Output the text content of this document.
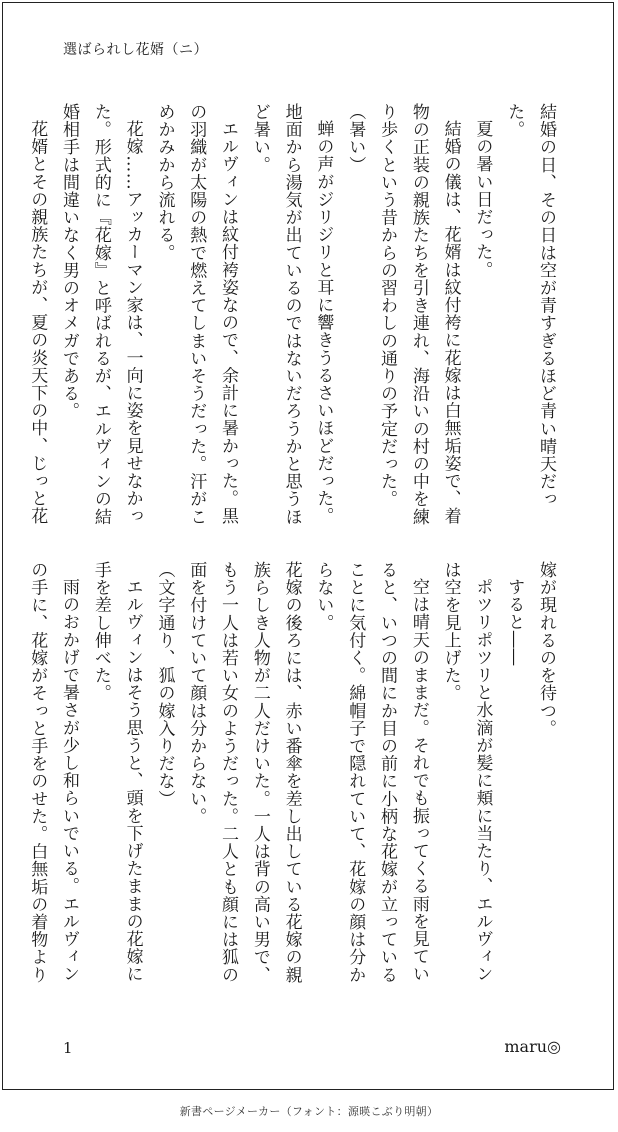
選ばられし花婿（ニ）

結婚の日、その日は空が青すぎるほど青い晴天だった。

夏の暑い日だった。

結婚の儀は、花婿は紋付袴に花嫁は白無垢姿で、着物の正装の親族たちを引き連れ、海沿いの村の中を練り歩くという昔からの習わしの通りの予定だった。

（暑い）

蝉の声がジリジリと耳に響きうるさいほどだった。地面から湯気が出ているのではないだろうかと思うほど暑い。

エルヴィンは紋付袴姿なので、余計に暑かった。黒の羽織が太陽の熱で燃えてしまいそうだった。汗がこめかみから流れる。

花嫁……アッカーマン家は、一向に姿を見せなかった。形式的に『花嫁』と呼ばれるが、エルヴィンの結婚相手は間違いなく男のオメガである。

花婿とその親族たちが、夏の炎天下の中、じっと花

嫁が現れるのを待つ。

すると――

ポツリポツリと水滴が髪に頬に当たり、エルヴィンは空を見上げた。

空は晴天のままだ。それでも振ってくる雨を見ていると、いつの間にか目の前に小柄な花嫁が立っていることに気付く。綿帽子で隠れていて、花嫁の顔は分からない。

花嫁の後ろには、赤い番傘を差し出している花嫁の親族らしき人物が二人だけいた。一人は背の高い男で、もう一人は若い女のようだった。二人とも顔には狐の面を付けていて顔は分からない。

（文字通り、狐の嫁入りだな）

エルヴィンはそう思うと、頭を下げたままの花嫁に手を差し伸べた。

雨のおかげで暑さが少し和らいでいる。エルヴィンの手に、花嫁がそっと手をのせた。白無垢の着物より

1	maru◎
新書ページメーカー（フォント：源暎こぶり明朝）
